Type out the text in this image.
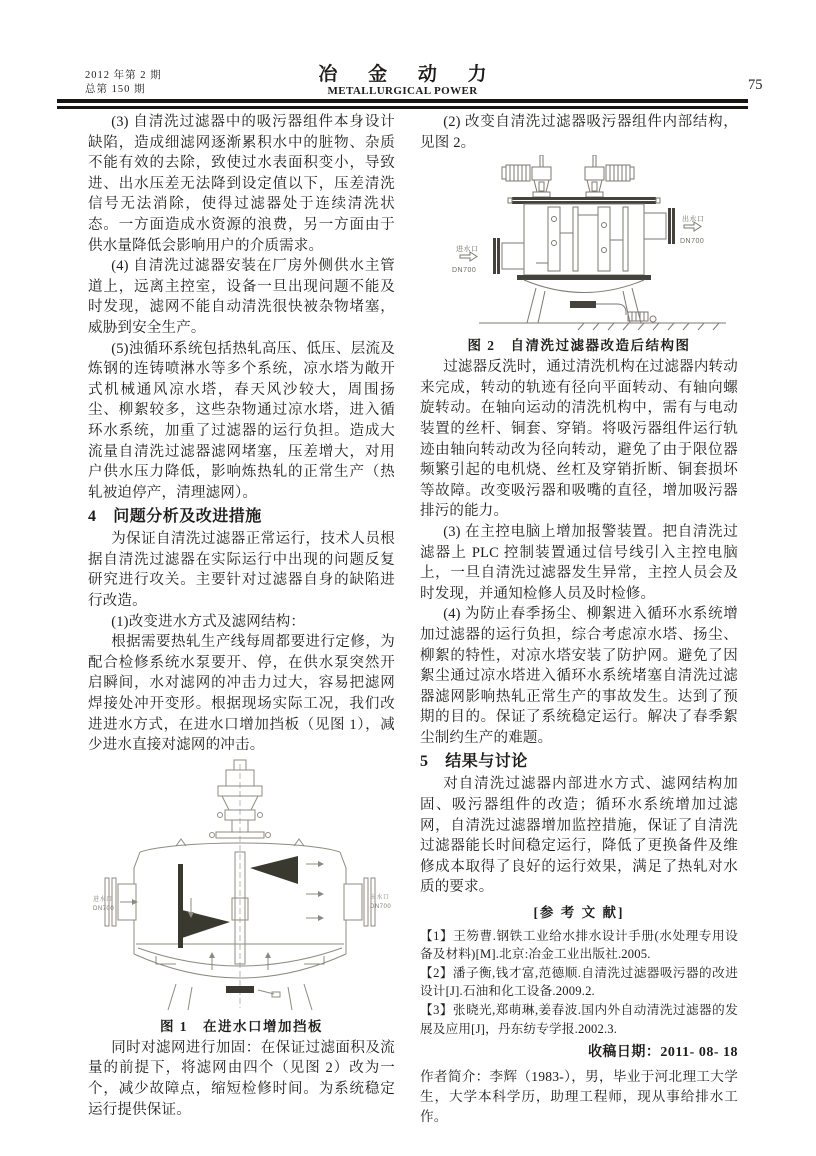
2012 年第 2 期
总第 150 期
冶 金 动 力
METALLURGICAL POWER	75

(3) 自清洗过滤器中的吸污器组件本身设计缺陷，造成细滤网逐渐累积水中的脏物、杂质不能有效的去除，致使过水表面积变小，导致进、出水压差无法降到设定值以下，压差清洗信号无法消除，使得过滤器处于连续清洗状态。一方面造成水资源的浪费，另一方面由于供水量降低会影响用户的介质需求。

(4) 自清洗过滤器安装在厂房外侧供水主管道上，远离主控室，设备一旦出现问题不能及时发现，滤网不能自动清洗很快被杂物堵塞，威胁到安全生产。

(5)浊循环系统包括热轧高压、低压、层流及炼钢的连铸喷淋水等多个系统，凉水塔为敞开式机械通风凉水塔，春天风沙较大，周围扬尘、柳絮较多，这些杂物通过凉水塔，进入循环水系统，加重了过滤器的运行负担。造成大流量自清洗过滤器滤网堵塞，压差增大，对用户供水压力降低，影响炼热轧的正常生产（热轧被迫停产，清理滤网）。

4 问题分析及改进措施

为保证自清洗过滤器正常运行，技术人员根据自清洗过滤器在实际运行中出现的问题反复研究进行攻关。主要针对过滤器自身的缺陷进行改造。

(1)改变进水方式及滤网结构：

根据需要热轧生产线每周都要进行定修，为配合检修系统水泵要开、停，在供水泵突然开启瞬间，水对滤网的冲击力过大，容易把滤网焊接处冲开变形。根据现场实际工况，我们改进进水方式，在进水口增加挡板（见图 1），减少进水直接对滤网的冲击。

进水口
DN700
出水口
DN700
图 1　在进水口增加挡板

同时对滤网进行加固：在保证过滤面积及流量的前提下，将滤网由四个（见图 2）改为一个，减少故障点，缩短检修时间。为系统稳定运行提供保证。

(2) 改变自清洗过滤器吸污器组件内部结构，见图 2。

出水口
DN700
进水口
DN700
图 2　自清洗过滤器改造后结构图

过滤器反洗时，通过清洗机构在过滤器内转动来完成，转动的轨迹有径向平面转动、有轴向螺旋转动。在轴向运动的清洗机构中，需有与电动装置的丝杆、铜套、穿销。将吸污器组件运行轨迹由轴向转动改为径向转动，避免了由于限位器频繁引起的电机烧、丝杠及穿销折断、铜套损坏等故障。改变吸污器和吸嘴的直径，增加吸污器排污的能力。

(3) 在主控电脑上增加报警装置。把自清洗过滤器上 PLC 控制装置通过信号线引入主控电脑上，一旦自清洗过滤器发生异常，主控人员会及时发现，并通知检修人员及时检修。

(4) 为防止春季扬尘、柳絮进入循环水系统增加过滤器的运行负担，综合考虑凉水塔、扬尘、柳絮的特性，对凉水塔安装了防护网。避免了因絮尘通过凉水塔进入循环水系统堵塞自清洗过滤器滤网影响热轧正常生产的事故发生。达到了预期的目的。保证了系统稳定运行。解决了春季絮尘制约生产的难题。

5 结果与讨论

对自清洗过滤器内部进水方式、滤网结构加固、吸污器组件的改造；循环水系统增加过滤网，自清洗过滤器增加监控措施，保证了自清洗过滤器能长时间稳定运行，降低了更换备件及维修成本取得了良好的运行效果，满足了热轧对水质的要求。

[参 考 文 献]

【1】王笏曹.钢铁工业给水排水设计手册(水处理专用设备及材料)[M].北京:冶金工业出版社.2005.

【2】潘子衡,钱才富,范德顺.自清洗过滤器吸污器的改进设计[J].石油和化工设备.2009.2.

【3】张晓光,郑萌琳,姜春波.国内外自动清洗过滤器的发展及应用[J]，丹东纺专学报.2002.3.

收稿日期：2011- 08- 18

作者简介：李辉（1983-），男，毕业于河北理工大学生，大学本科学历，助理工程师，现从事给排水工作。
